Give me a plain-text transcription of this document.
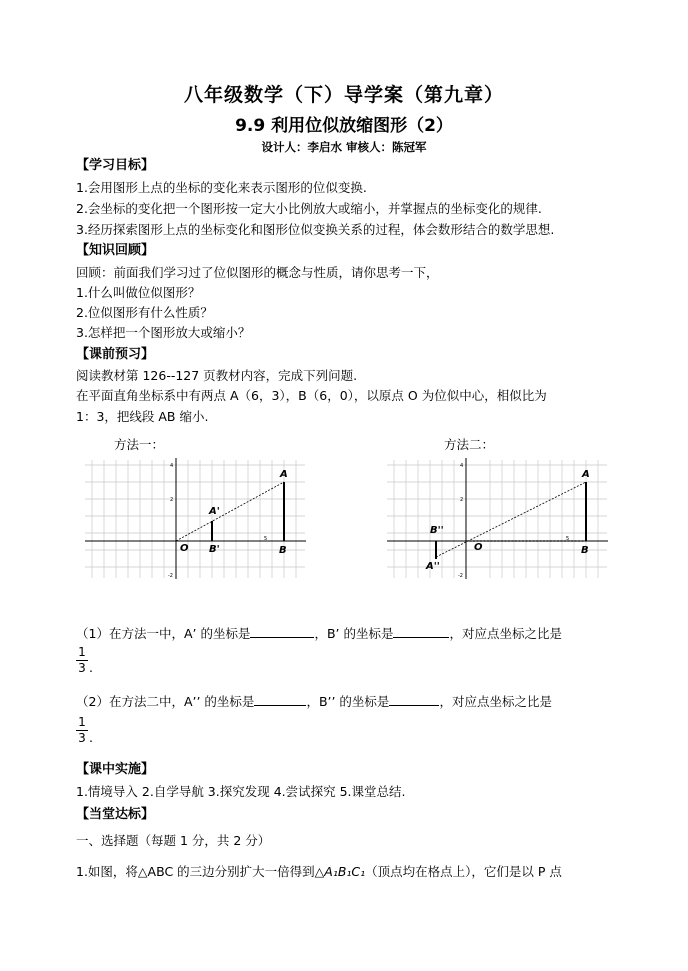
八年级数学（下）导学案（第九章）
9.9 利用位似放缩图形（2）
设计人：李启水 审核人：陈冠军
【学习目标】
1.会用图形上点的坐标的变化来表示图形的位似变换.
2.会坐标的变化把一个图形按一定大小比例放大或缩小，并掌握点的坐标变化的规律.
3.经历探索图形上点的坐标变化和图形位似变换关系的过程，体会数形结合的数学思想.
【知识回顾】
回顾：前面我们学习过了位似图形的概念与性质，请你思考一下，
1.什么叫做位似图形？
2.位似图形有什么性质？
3.怎样把一个图形放大或缩小？
【课前预习】
阅读教材第 126--127 页教材内容，完成下列问题.
在平面直角坐标系中有两点 A（6，3），B（6，0），以原点 O 为位似中心，相似比为
1：3，把线段 AB 缩小.
方法一：	方法二：
4
2
-2
5
O
A
B
A'
B'
4
2
-2
5
O
A
B
B''
A''
（1）在方法一中，A’ 的坐标是	，B’ 的坐标是	，对应点坐标之比是
1
3 .
（2）在方法二中，A’’ 的坐标是	，B’’ 的坐标是	，对应点坐标之比是
1
3 .
【课中实施】
1.情境导入 2.自学导航 3.探究发现 4.尝试探究 5.课堂总结.
【当堂达标】
一、选择题（每题 1 分，共 2 分）
1.如图，将△ABC 的三边分别扩大一倍得到△A₁B₁C₁（顶点均在格点上），它们是以 P 点
